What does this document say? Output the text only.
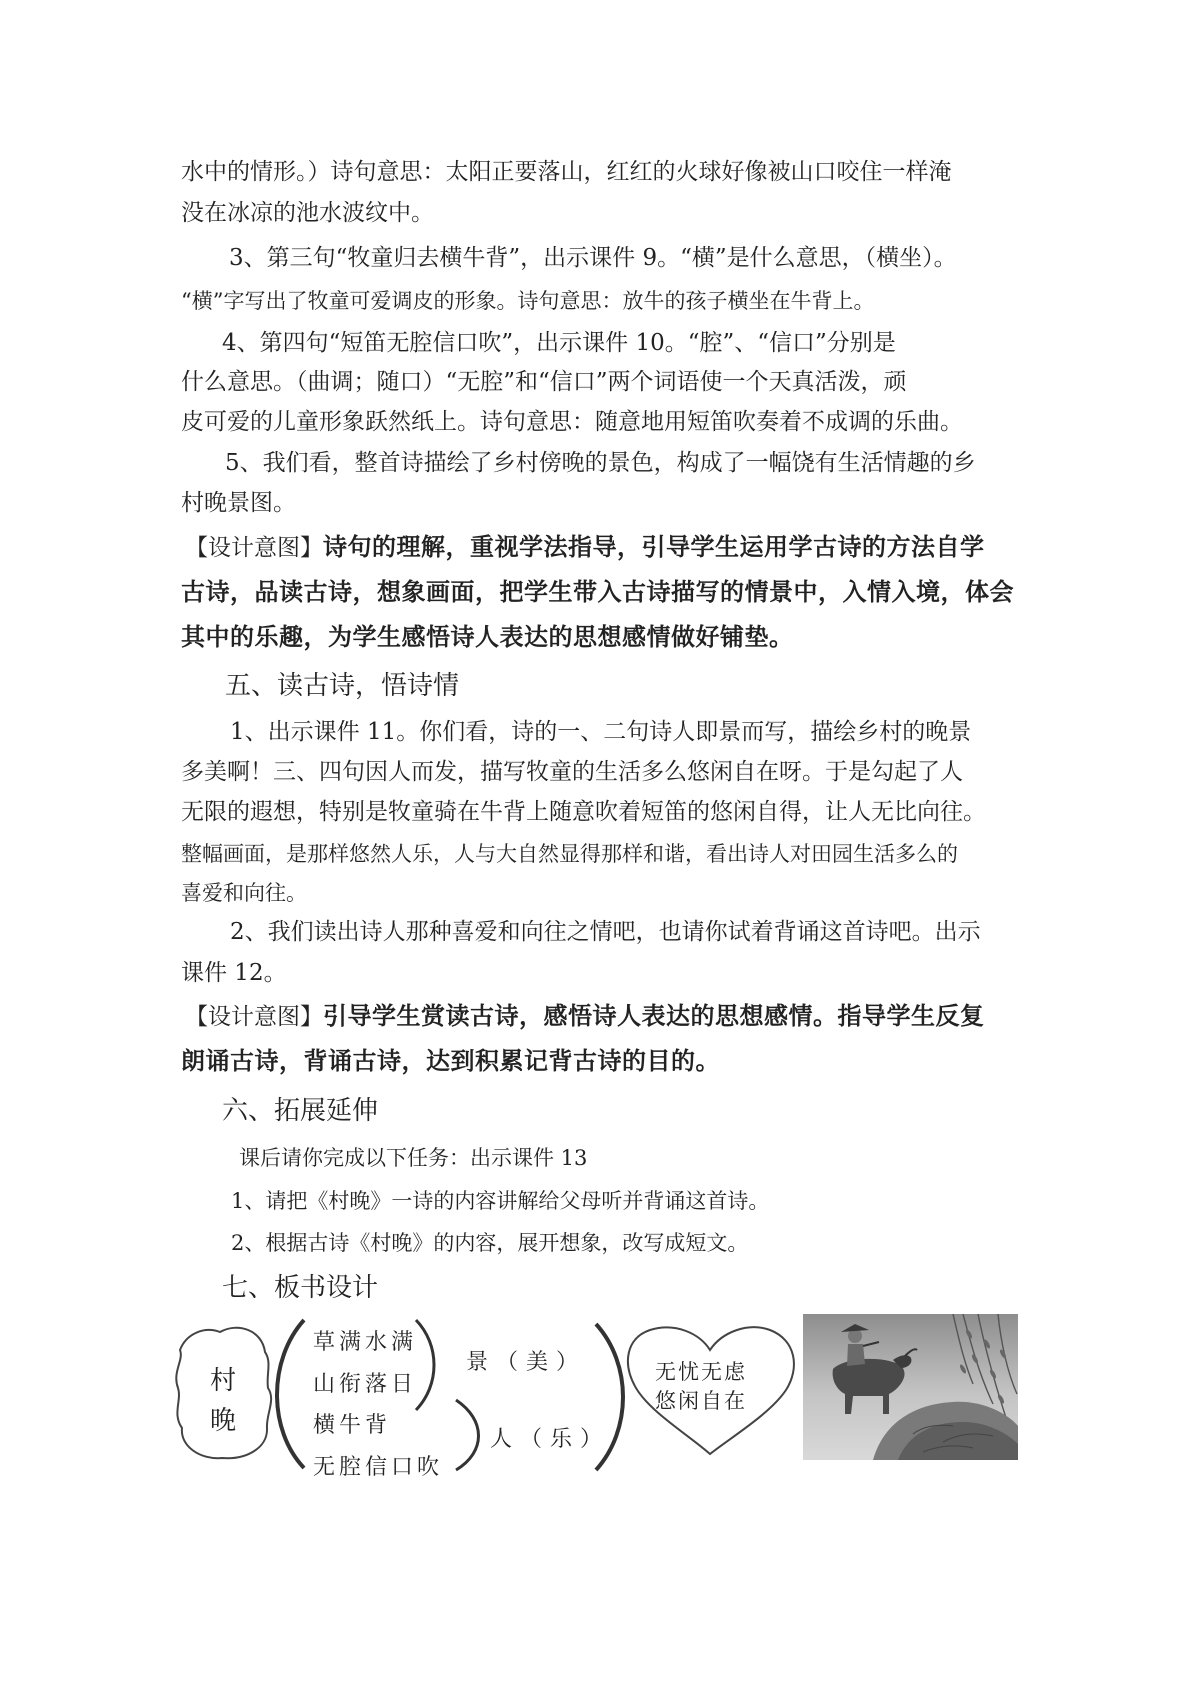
水中的情形。）诗句意思：太阳正要落山，红红的火球好像被山口咬住一样淹
没在冰凉的池水波纹中。
3、第三句“牧童归去横牛背”，出示课件 9。“横”是什么意思，（横坐）。
“横”字写出了牧童可爱调皮的形象。诗句意思：放牛的孩子横坐在牛背上。
4、第四句“短笛无腔信口吹”，出示课件 10。“腔”、“信口”分别是
什么意思。（曲调；随口）“无腔”和“信口”两个词语使一个天真活泼，顽
皮可爱的儿童形象跃然纸上。诗句意思：随意地用短笛吹奏着不成调的乐曲。
5、我们看，整首诗描绘了乡村傍晚的景色，构成了一幅饶有生活情趣的乡
村晚景图。
【设计意图】诗句的理解，重视学法指导，引导学生运用学古诗的方法自学
古诗，品读古诗，想象画面，把学生带入古诗描写的情景中，入情入境，体会
其中的乐趣，为学生感悟诗人表达的思想感情做好铺垫。
五、读古诗，悟诗情
1、出示课件 11。你们看，诗的一、二句诗人即景而写，描绘乡村的晚景
多美啊！三、四句因人而发，描写牧童的生活多么悠闲自在呀。于是勾起了人
无限的遐想，特别是牧童骑在牛背上随意吹着短笛的悠闲自得，让人无比向往。
整幅画面，是那样悠然人乐，人与大自然显得那样和谐，看出诗人对田园生活多么的
喜爱和向往。
2、我们读出诗人那种喜爱和向往之情吧，也请你试着背诵这首诗吧。出示
课件 12。
【设计意图】引导学生赏读古诗，感悟诗人表达的思想感情。指导学生反复
朗诵古诗，背诵古诗，达到积累记背古诗的目的。
六、拓展延伸
课后请你完成以下任务：出示课件 13
1、请把《村晚》一诗的内容讲解给父母听并背诵这首诗。
2、根据古诗《村晚》的内容，展开想象，改写成短文。
七、板书设计
村
晚
草满水满
山衔落日
横牛背
无腔信口吹
景（美）
人（乐）
无忧无虑
悠闲自在
